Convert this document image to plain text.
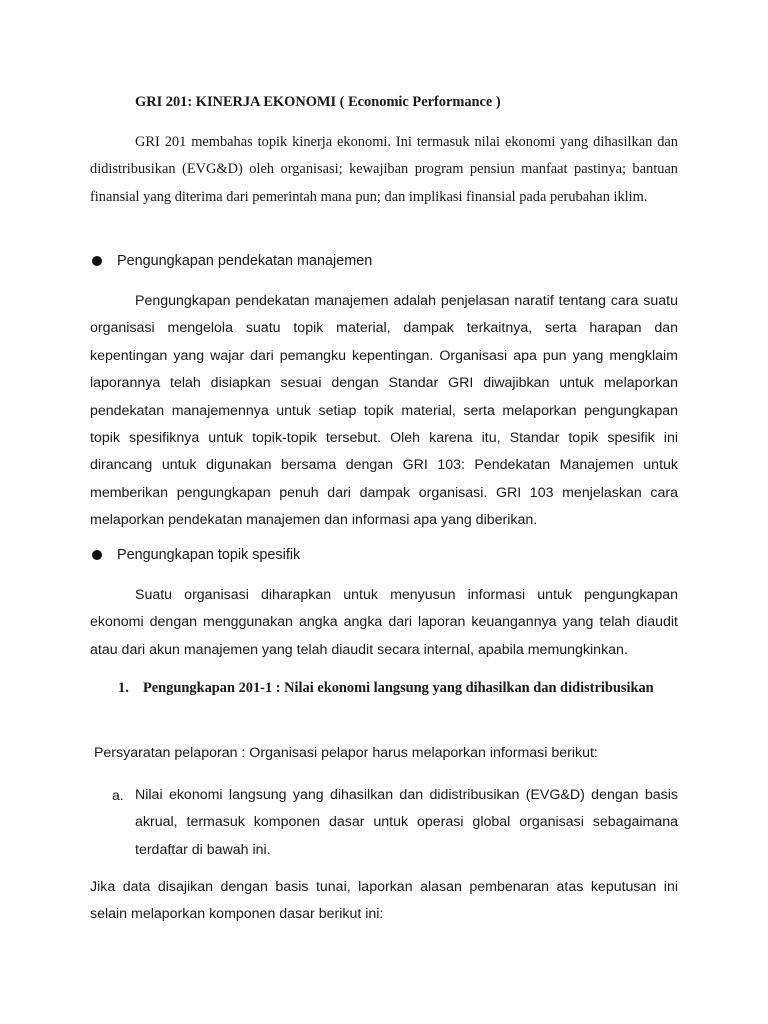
GRI 201: KINERJA EKONOMI ( Economic Performance )

GRI 201 membahas topik kinerja ekonomi. Ini termasuk nilai ekonomi yang dihasilkan dan didistribusikan (EVG&D) oleh organisasi; kewajiban program pensiun manfaat pastinya; bantuan finansial yang diterima dari pemerintah mana pun; dan implikasi finansial pada perubahan iklim.

Pengungkapan pendekatan manajemen

Pengungkapan pendekatan manajemen adalah penjelasan naratif tentang cara suatu organisasi mengelola suatu topik material, dampak terkaitnya, serta harapan dan kepentingan yang wajar dari pemangku kepentingan. Organisasi apa pun yang mengklaim laporannya telah disiapkan sesuai dengan Standar GRI diwajibkan untuk melaporkan pendekatan manajemennya untuk setiap topik material, serta melaporkan pengungkapan topik spesifiknya untuk topik-topik tersebut. Oleh karena itu, Standar topik spesifik ini dirancang untuk digunakan bersama dengan GRI 103: Pendekatan Manajemen untuk memberikan pengungkapan penuh dari dampak organisasi. GRI 103 menjelaskan cara melaporkan pendekatan manajemen dan informasi apa yang diberikan.

Pengungkapan topik spesifik

Suatu organisasi diharapkan untuk menyusun informasi untuk pengungkapan ekonomi dengan menggunakan angka angka dari laporan keuangannya yang telah diaudit atau dari akun manajemen yang telah diaudit secara internal, apabila memungkinkan.

1. Pengungkapan 201-1 : Nilai ekonomi langsung yang dihasilkan dan didistribusikan

Persyaratan pelaporan : Organisasi pelapor harus melaporkan informasi berikut:

a. Nilai ekonomi langsung yang dihasilkan dan didistribusikan (EVG&D) dengan basis akrual, termasuk komponen dasar untuk operasi global organisasi sebagaimana terdaftar di bawah ini.

Jika data disajikan dengan basis tunai, laporkan alasan pembenaran atas keputusan ini selain melaporkan komponen dasar berikut ini:
